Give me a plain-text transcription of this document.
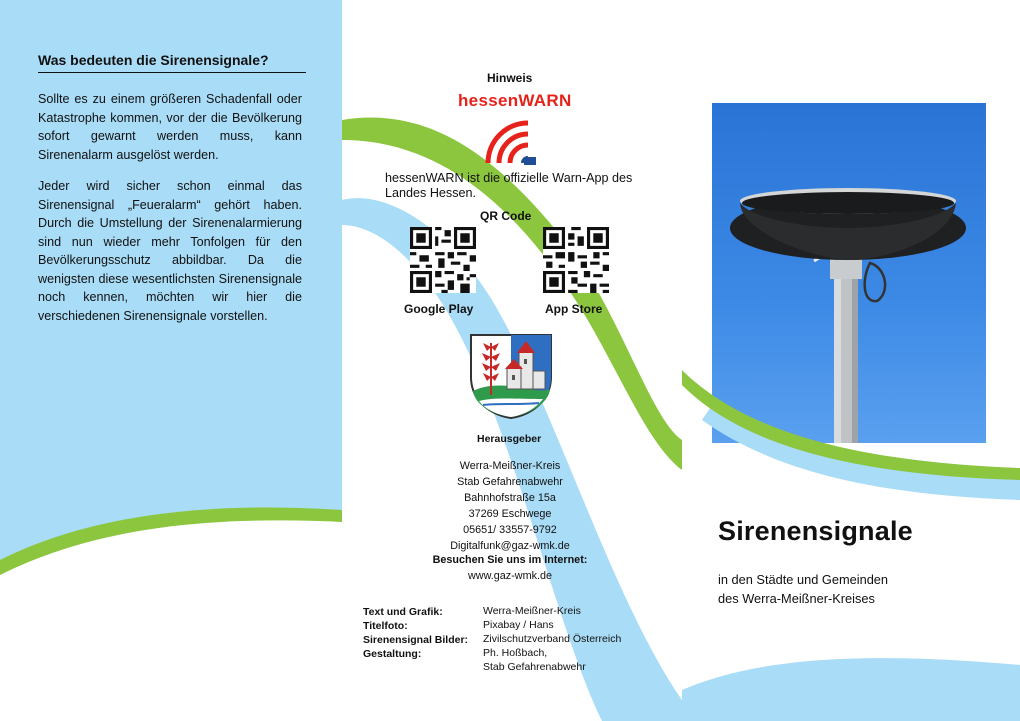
Was bedeuten die Sirenensignale?
Sollte es zu einem größeren Schadenfall oder Katastrophe kommen, vor der die Bevölkerung sofort gewarnt werden muss, kann Sirenenalarm ausgelöst werden.
Jeder wird sicher schon einmal das Sirenensignal „Feueralarm“ gehört haben. Durch die Umstellung der Sirenenalarmierung sind nun wieder mehr Tonfolgen für den Bevölkerungsschutz abbildbar. Da die wenigsten diese wesentlichsten Sirenensignale noch kennen, möchten wir hier die verschiedenen Sirenensignale vorstellen.
Hinweis
hessenWARN
hessenWARN ist die offizielle Warn-App des Landes Hessen.
QR Code
Google Play	App Store
Herausgeber
Werra-Meißner-Kreis
Stab Gefahrenabwehr
Bahnhofstraße 15a
37269 Eschwege
05651/ 33557-9792
Digitalfunk@gaz-wmk.de
Besuchen Sie uns im Internet:
www.gaz-wmk.de
Text und Grafik:	Werra-Meißner-Kreis
Titelfoto:	Pixabay / Hans
Sirenensignal Bilder:	Zivilschutzverband Österreich
Gestaltung:	Ph. Hoßbach,
Stab Gefahrenabwehr
Sirenensignale
in den Städte und Gemeinden
des Werra-Meißner-Kreises
